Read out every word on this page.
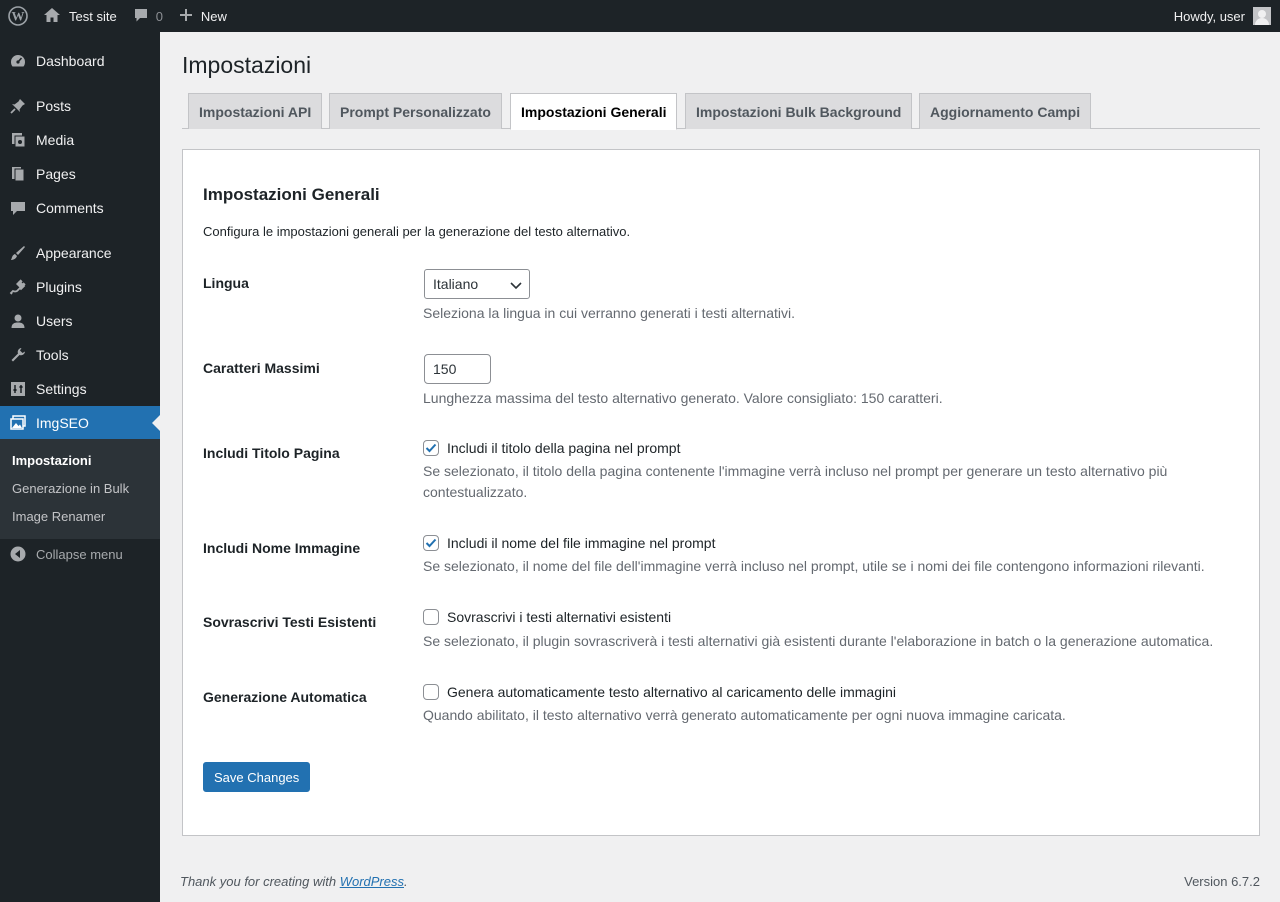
W	Test site	0	New	Howdy, user
Dashboard
Posts
Media
Pages
Comments
Appearance
Plugins
Users
Tools
Settings
ImgSEO
Impostazioni
Generazione in Bulk
Image Renamer
Collapse menu
Impostazioni
Impostazioni API	Prompt Personalizzato	Impostazioni Generali	Impostazioni Bulk Background	Aggiornamento Campi
Impostazioni Generali
Configura le impostazioni generali per la generazione del testo alternativo.
Lingua	Italiano
Seleziona la lingua in cui verranno generati i testi alternativi.
Caratteri Massimi	150
Lunghezza massima del testo alternativo generato. Valore consigliato: 150 caratteri.
Includi Titolo Pagina	Includi il titolo della pagina nel prompt
Se selezionato, il titolo della pagina contenente l'immagine verrà incluso nel prompt per generare un testo alternativo più
contestualizzato.
Includi Nome Immagine	Includi il nome del file immagine nel prompt
Se selezionato, il nome del file dell'immagine verrà incluso nel prompt, utile se i nomi dei file contengono informazioni rilevanti.
Sovrascrivi Testi Esistenti	Sovrascrivi i testi alternativi esistenti
Se selezionato, il plugin sovrascriverà i testi alternativi già esistenti durante l'elaborazione in batch o la generazione automatica.
Generazione Automatica	Genera automaticamente testo alternativo al caricamento delle immagini
Quando abilitato, il testo alternativo verrà generato automaticamente per ogni nuova immagine caricata.
Save Changes
Thank you for creating with WordPress.	Version 6.7.2
